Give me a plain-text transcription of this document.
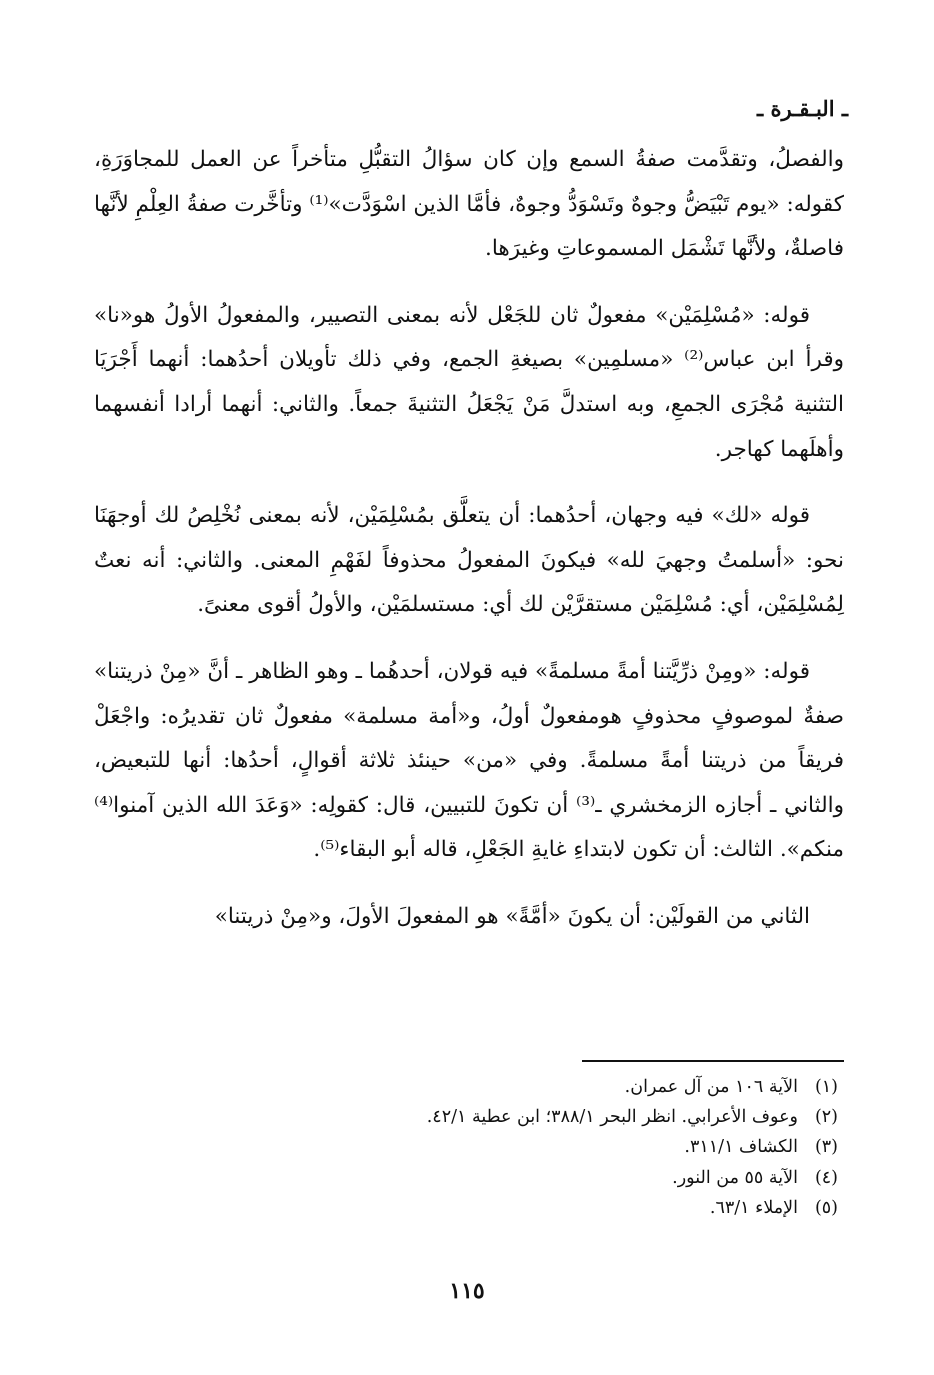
ـ البـقـرة ـ

والفصلُ، وتقدَّمت صفةُ السمع وإن كان سؤالُ التقبُّلِ متأخراً عن العمل للمجاوَرَةِ، كقوله: «يوم تَبْيَضُّ وجوهٌ وتَسْوَدُّ وجوهٌ، فأمَّا الذين اسْوَدَّت»⁽¹⁾ وتأخَّرت صفةُ العِلْمِ لأنَّها فاصلةٌ، ولأنَّها تَشْمَل المسموعاتِ وغيرَها.

قوله: «مُسْلِمَيْن» مفعولٌ ثان للجَعْل لأنه بمعنى التصيير، والمفعولُ الأولُ هو«نا» وقرأ ابن عباس⁽²⁾ «مسلمِين» بصيغةِ الجمع، وفي ذلك تأويلان أحدُهما: أنهما أَجْرَيَا التثنية مُجْرَى الجمعِ، وبه استدلَّ مَنْ يَجْعَلُ التثنيةَ جمعاً. والثاني: أنهما أرادا أنفسهما وأهلَهما كهاجر.

قوله «لك» فيه وجهان، أحدُهما: أن يتعلَّق بمُسْلِمَيْن، لأنه بمعنى نُخْلِصُ لك أوجهَنَا نحو: «أسلمتُ وجهيَ لله» فيكونَ المفعولُ محذوفاً لفَهْمِ المعنى. والثاني: أنه نعتٌ لِمُسْلِمَيْن، أي: مُسْلِمَيْن مستقرَّيْن لك أي: مستسلمَيْن، والأولُ أقوى معنىً.

قوله: «ومِنْ ذرِّيَّتنا أمةً مسلمةً» فيه قولان، أحدهُما ـ وهو الظاهر ـ أنَّ «مِنْ ذريتنا» صفةٌ لموصوفٍ محذوفٍ هومفعولٌ أولُ، و«أمة مسلمة» مفعولٌ ثان تقديرُه: واجْعَلْ فريقاً من ذريتنا أمةً مسلمةً. وفي «من» حينئذ ثلاثة أقوالٍ، أحدُها: أنها للتبعيض، والثاني ـ أجازه الزمخشري ـ⁽³⁾ أن تكونَ للتبيين، قال: كقولِه: «وَعَدَ الله الذين آمنوا⁽⁴⁾ منكم». الثالث: أن تكون لابتداءِ غايةِ الجَعْلِ، قاله أبو البقاء⁽⁵⁾.

الثاني من القولَيْن: أن يكونَ «أمَّةً» هو المفعولَ الأولَ، و«مِنْ ذريتنا»

(١)الآية ١٠٦ من آل عمران.
(٢)وعوف الأعرابي. انظر البحر ٣٨٨/١؛ ابن عطية ٤٢/١.
(٣)الكشاف ٣١١/١.
(٤)الآية ٥٥ من النور.
(٥)الإملاء ٦٣/١.
١١٥
